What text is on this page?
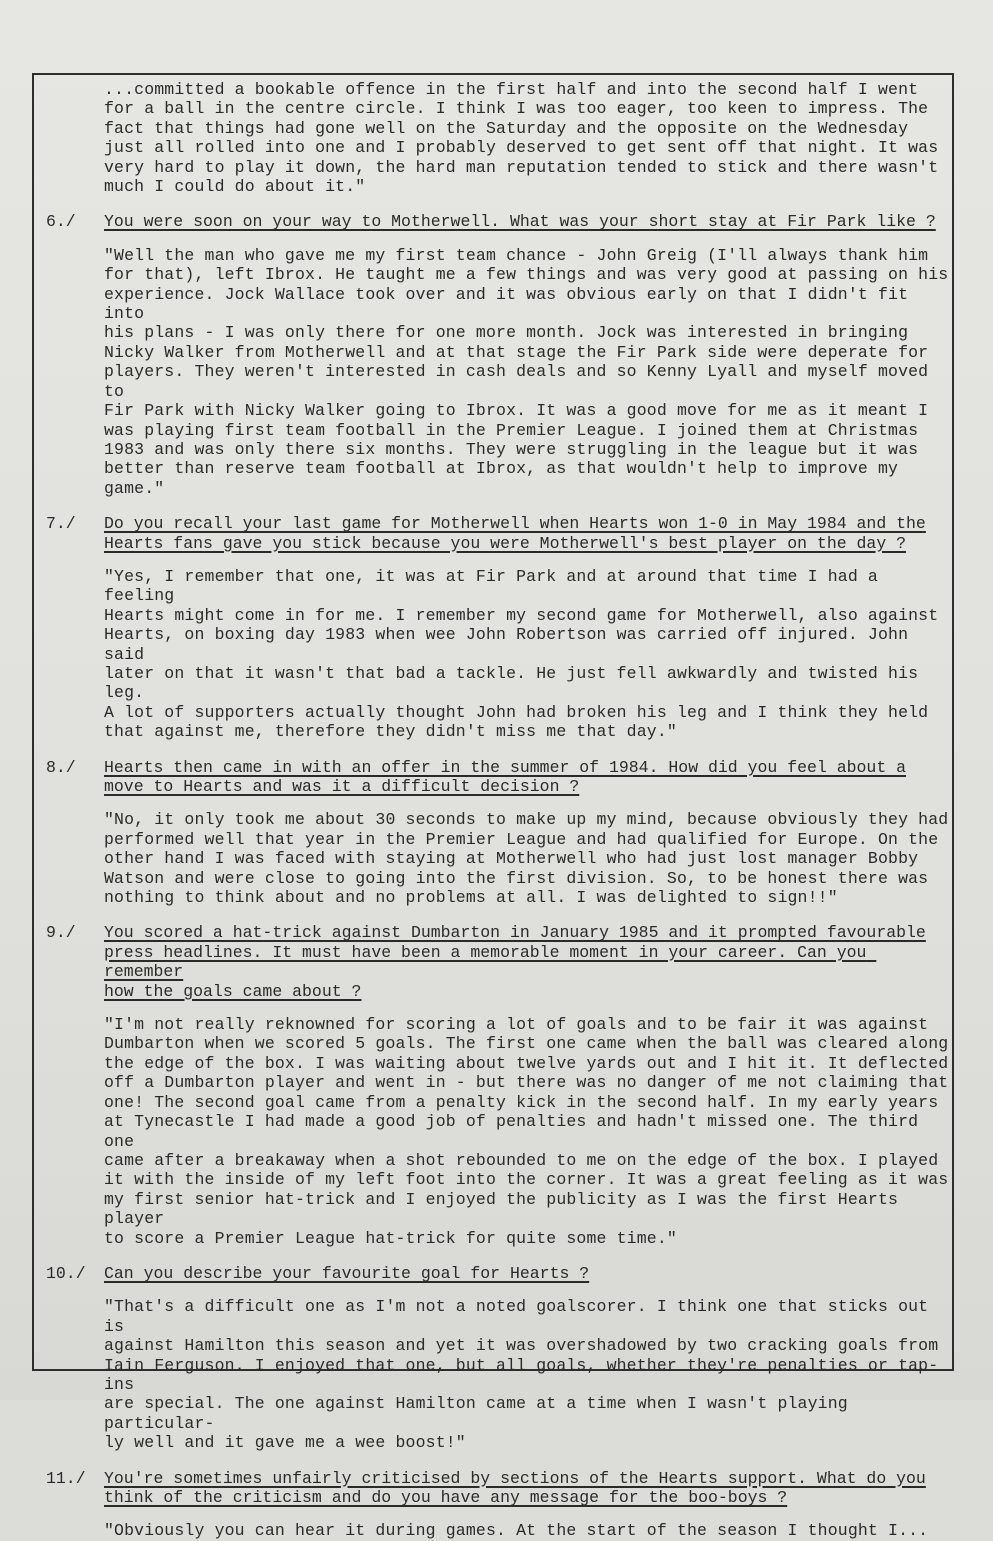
...committed a bookable offence in the first half and into the second half I went
for a ball in the centre circle. I think I was too eager, too keen to impress. The
fact that things had gone well on the Saturday and the opposite on the Wednesday
just all rolled into one and I probably deserved to get sent off that night. It was
very hard to play it down, the hard man reputation tended to stick and there wasn't
much I could do about it."

6./ You were soon on your way to Motherwell. What was your short stay at Fir Park like ?

"Well the man who gave me my first team chance - John Greig (I'll always thank him
for that), left Ibrox. He taught me a few things and was very good at passing on his
experience. Jock Wallace took over and it was obvious early on that I didn't fit into
his plans - I was only there for one more month. Jock was interested in bringing
Nicky Walker from Motherwell and at that stage the Fir Park side were deperate for
players. They weren't interested in cash deals and so Kenny Lyall and myself moved to
Fir Park with Nicky Walker going to Ibrox. It was a good move for me as it meant I
was playing first team football in the Premier League. I joined them at Christmas
1983 and was only there six months. They were struggling in the league but it was
better than reserve team football at Ibrox, as that wouldn't help to improve my game."

7./ Do you recall your last game for Motherwell when Hearts won 1-0 in May 1984 and the
Hearts fans gave you stick because you were Motherwell's best player on the day ?

"Yes, I remember that one, it was at Fir Park and at around that time I had a feeling
Hearts might come in for me. I remember my second game for Motherwell, also against
Hearts, on boxing day 1983 when wee John Robertson was carried off injured. John said
later on that it wasn't that bad a tackle. He just fell awkwardly and twisted his leg.
A lot of supporters actually thought John had broken his leg and I think they held
that against me, therefore they didn't miss me that day."

8./ Hearts then came in with an offer in the summer of 1984. How did you feel about a
move to Hearts and was it a difficult decision ?

"No, it only took me about 30 seconds to make up my mind, because obviously they had
performed well that year in the Premier League and had qualified for Europe. On the
other hand I was faced with staying at Motherwell who had just lost manager Bobby
Watson and were close to going into the first division. So, to be honest there was
nothing to think about and no problems at all. I was delighted to sign!!"

9./ You scored a hat-trick against Dumbarton in January 1985 and it prompted favourable
press headlines. It must have been a memorable moment in your career. Can you remember
how the goals came about ?

"I'm not really reknowned for scoring a lot of goals and to be fair it was against
Dumbarton when we scored 5 goals. The first one came when the ball was cleared along
the edge of the box. I was waiting about twelve yards out and I hit it. It deflected
off a Dumbarton player and went in - but there was no danger of me not claiming that
one! The second goal came from a penalty kick in the second half. In my early years
at Tynecastle I had made a good job of penalties and hadn't missed one. The third one
came after a breakaway when a shot rebounded to me on the edge of the box. I played
it with the inside of my left foot into the corner. It was a great feeling as it was
my first senior hat-trick and I enjoyed the publicity as I was the first Hearts player
to score a Premier League hat-trick for quite some time."

10./ Can you describe your favourite goal for Hearts ?

"That's a difficult one as I'm not a noted goalscorer. I think one that sticks out is
against Hamilton this season and yet it was overshadowed by two cracking goals from
Iain Ferguson. I enjoyed that one, but all goals, whether they're penalties or tap-ins
are special. The one against Hamilton came at a time when I wasn't playing particular-
ly well and it gave me a wee boost!"

11./ You're sometimes unfairly criticised by sections of the Hearts support. What do you
think of the criticism and do you have any message for the boo-boys ?

"Obviously you can hear it during games. At the start of the season I thought I...
